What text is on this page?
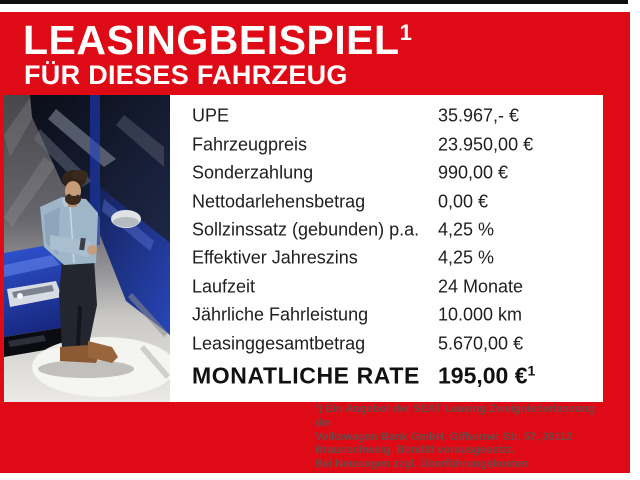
LEASINGBEISPIEL$^1$
FÜR DIESES FAHRZEUG
UPE	35.967,- €
Fahrzeugpreis	23.950,00 €
Sonderzahlung	990,00 €
Nettodarlehensbetrag	0,00 €
Sollzinssatz (gebunden) p.a. 4,25 %
Effektiver Jahreszins	4,25 %
Laufzeit	24 Monate
Jährliche Fahrleistung	10.000 km
Leasinggesamtbetrag	5.670,00 €
MONATLICHE RATE 195,00 €$^1$
¹) Ein Angebot der SEAT Leasing Zweigniederlassung der
Volkswagen Bank GmbH, Gifhorner Str. 57, 38112
Braunschweig. Bonität vorausgesetzt.
Bei Neuwagen zzgl. Überführungskosten
